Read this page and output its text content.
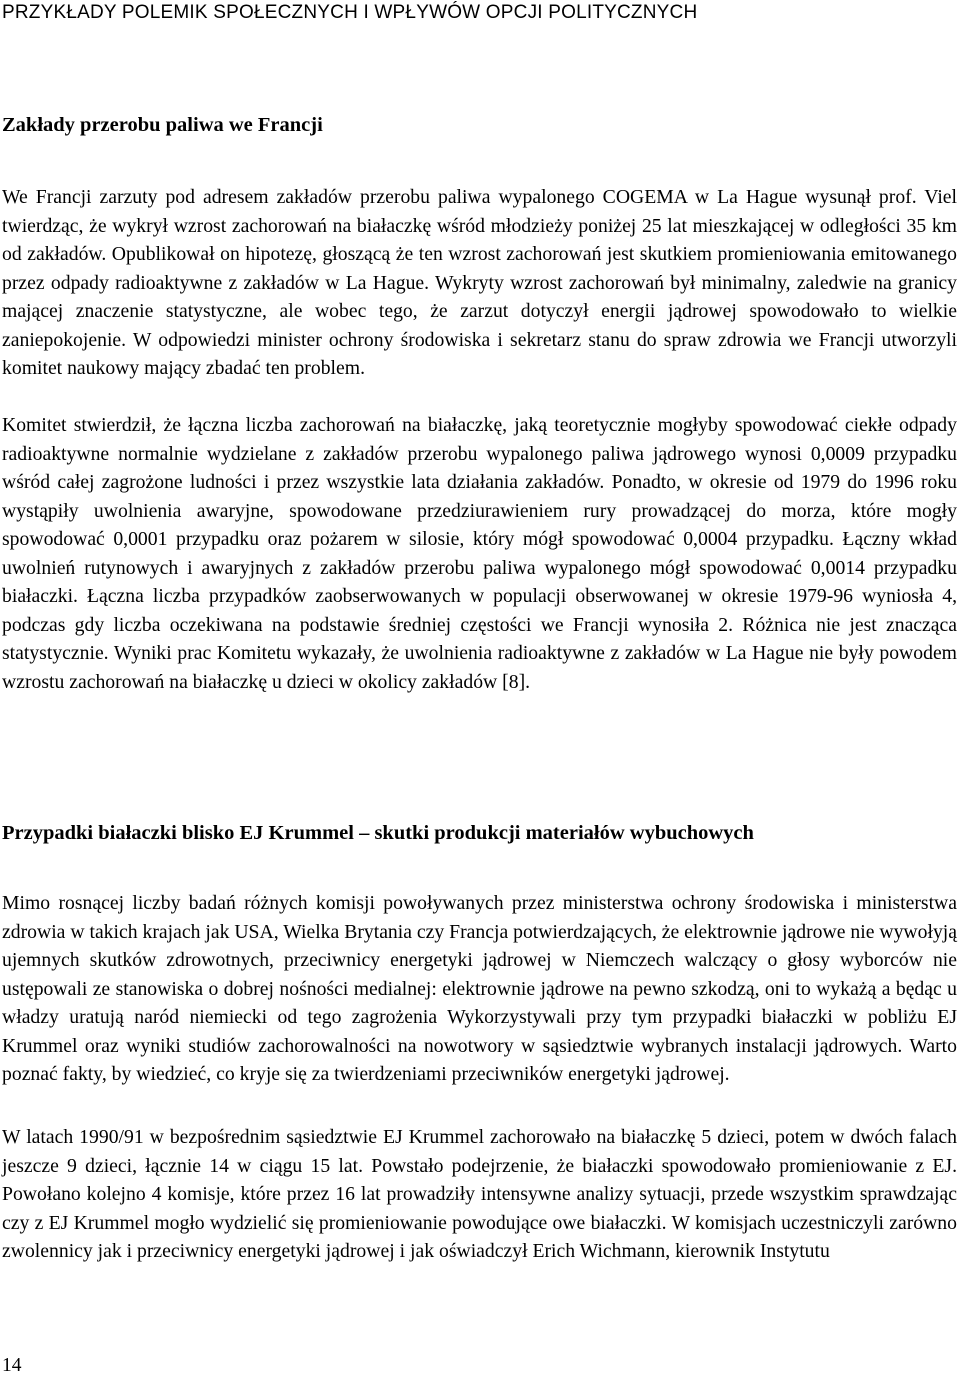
PRZYKŁADY POLEMIK SPOŁECZNYCH I WPŁYWÓW OPCJI POLITYCZNYCH
Zakłady przerobu paliwa we Francji
We Francji zarzuty pod adresem zakładów przerobu paliwa wypalonego COGEMA w La Hague wysunął prof. Viel twierdząc, że wykrył wzrost zachorowań na białaczkę wśród młodzieży poniżej 25 lat mieszkającej w odległości 35 km od zakładów. Opublikował on hipotezę, głoszącą że ten wzrost zachorowań jest skutkiem promieniowania emitowanego przez odpady radioaktywne z zakładów w La Hague. Wykryty wzrost zachorowań był minimalny, zaledwie na granicy mającej znaczenie statystyczne, ale wobec tego, że zarzut dotyczył energii jądrowej spowodowało to wielkie zaniepokojenie. W odpowiedzi minister ochrony środowiska i sekretarz stanu do spraw zdrowia we Francji utworzyli komitet naukowy mający zbadać ten problem.
Komitet stwierdził, że łączna liczba zachorowań na białaczkę, jaką teoretycznie mogłyby spowodować ciekłe odpady radioaktywne normalnie wydzielane z zakładów przerobu wypalonego paliwa jądrowego wynosi 0,0009 przypadku wśród całej zagrożone ludności i przez wszystkie lata działania zakładów. Ponadto, w okresie od 1979 do 1996 roku wystąpiły uwolnienia awaryjne, spowodowane przedziurawieniem rury prowadzącej do morza, które mogły spowodować 0,0001 przypadku oraz pożarem w silosie, który mógł spowodować 0,0004 przypadku. Łączny wkład uwolnień rutynowych i awaryjnych z zakładów przerobu paliwa wypalonego mógł spowodować 0,0014 przypadku białaczki. Łączna liczba przypadków zaobserwowanych w populacji obserwowanej w okresie 1979-96 wyniosła 4, podczas gdy liczba oczekiwana na podstawie średniej częstości we Francji wynosiła 2. Różnica nie jest znacząca statystycznie. Wyniki prac Komitetu wykazały, że uwolnienia radioaktywne z zakładów w La Hague nie były powodem wzrostu zachorowań na białaczkę u dzieci w okolicy zakładów [8].
Przypadki białaczki blisko EJ Krummel – skutki produkcji materiałów wybuchowych
Mimo rosnącej liczby badań różnych komisji powoływanych przez ministerstwa ochrony środowiska i ministerstwa zdrowia w takich krajach jak USA, Wielka Brytania czy Francja potwierdzających, że elektrownie jądrowe nie wywołyją ujemnych skutków zdrowotnych, przeciwnicy energetyki jądrowej w Niemczech walczący o głosy wyborców nie ustępowali ze stanowiska o dobrej nośności medialnej: elektrownie jądrowe na pewno szkodzą, oni to wykażą a będąc u władzy uratują naród niemiecki od tego zagrożenia Wykorzystywali przy tym przypadki białaczki w pobliżu EJ Krummel oraz wyniki studiów zachorowalności na nowotwory w sąsiedztwie wybranych instalacji jądrowych. Warto poznać fakty, by wiedzieć, co kryje się za twierdzeniami przeciwników energetyki jądrowej.
W latach 1990/91 w bezpośrednim sąsiedztwie EJ Krummel zachorowało na białaczkę 5 dzieci, potem w dwóch falach jeszcze 9 dzieci, łącznie 14 w ciągu 15 lat. Powstało podejrzenie, że białaczki spowodowało promieniowanie z EJ. Powołano kolejno 4 komisje, które przez 16 lat prowadziły intensywne analizy sytuacji, przede wszystkim sprawdzając czy z EJ Krummel mogło wydzielić się promieniowanie powodujące owe białaczki. W komisjach uczestniczyli zarówno zwolennicy jak i przeciwnicy energetyki jądrowej i jak oświadczył Erich Wichmann, kierownik Instytutu
14
